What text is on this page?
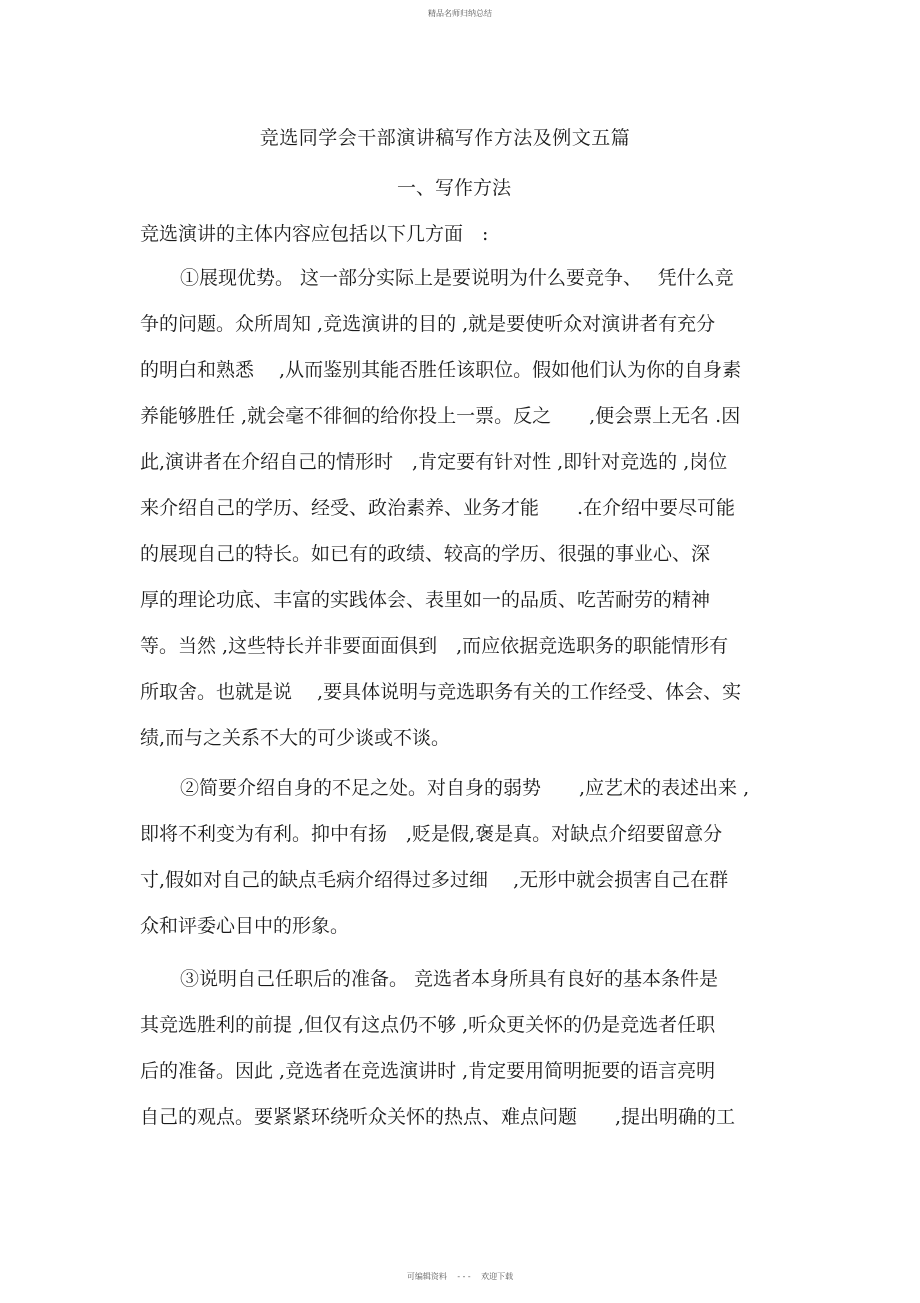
精品名师归纳总结
竞选同学会干部演讲稿写作方法及例文五篇
一、写作方法
竞选演讲的主体内容应包括以下几方面　:
①展现优势。 这一部分实际上是要说明为什么要竞争、　 凭什么竞
争的问题。众所周知 ,竞选演讲的目的 ,就是要使听众对演讲者有充分
的明白和熟悉　 ,从而鉴别其能否胜任该职位。假如他们认为你的自身素
养能够胜任 ,就会毫不徘徊的给你投上一票。反之　　,便会票上无名 .因
此,演讲者在介绍自己的情形时　,肯定要有针对性 ,即针对竞选的 ,岗位
来介绍自己的学历、经受、政治素养、业务才能　　.在介绍中要尽可能
的展现自己的特长。如已有的政绩、较高的学历、很强的事业心、深
厚的理论功底、丰富的实践体会、表里如一的品质、吃苦耐劳的精神
等。当然 ,这些特长并非要面面俱到　,而应依据竞选职务的职能情形有
所取舍。也就是说　 ,要具体说明与竞选职务有关的工作经受、体会、实
绩,而与之关系不大的可少谈或不谈。
②简要介绍自身的不足之处。对自身的弱势　　,应艺术的表述出来 ,
即将不利变为有利。抑中有扬　,贬是假,褒是真。对缺点介绍要留意分
寸,假如对自己的缺点毛病介绍得过多过细　 ,无形中就会损害自己在群
众和评委心目中的形象。
③说明自己任职后的准备。 竞选者本身所具有良好的基本条件是
其竞选胜利的前提 ,但仅有这点仍不够 ,听众更关怀的仍是竞选者任职
后的准备。因此 ,竞选者在竞选演讲时 ,肯定要用简明扼要的语言亮明
自己的观点。要紧紧环绕听众关怀的热点、难点问题　　,提出明确的工
可编辑资料　 - - -　 欢迎下载
